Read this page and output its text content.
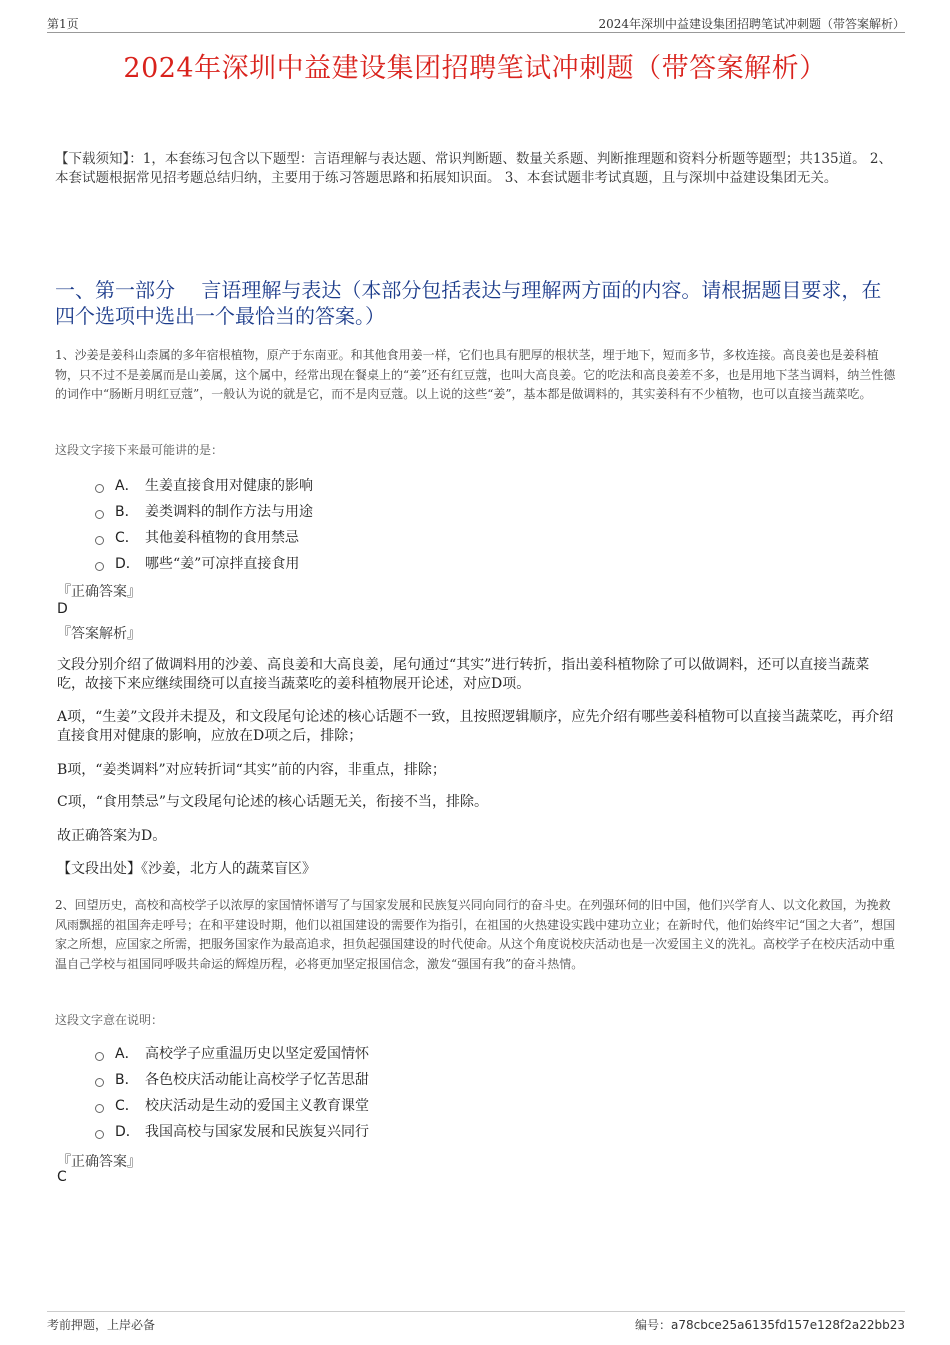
第1页	2024年深圳中益建设集团招聘笔试冲刺题（带答案解析）
2024年深圳中益建设集团招聘笔试冲刺题（带答案解析）
【下载须知】：1，本套练习包含以下题型：言语理解与表达题、常识判断题、数量关系题、判断推理题和资料分析题等题型；共135道。 2、本套试题根据常见招考题总结归纳，主要用于练习答题思路和拓展知识面。 3、本套试题非考试真题，且与深圳中益建设集团无关。
一、第一部分　 言语理解与表达（本部分包括表达与理解两方面的内容。请根据题目要求，在四个选项中选出一个最恰当的答案。）
1、沙姜是姜科山柰属的多年宿根植物，原产于东南亚。和其他食用姜一样，它们也具有肥厚的根状茎，埋于地下，短而多节，多枚连接。高良姜也是姜科植物，只不过不是姜属而是山姜属，这个属中，经常出现在餐桌上的“姜”还有红豆蔻，也叫大高良姜。它的吃法和高良姜差不多，也是用地下茎当调料，纳兰性德的词作中“肠断月明红豆蔻”，一般认为说的就是它，而不是肉豆蔻。以上说的这些“姜”，基本都是做调料的，其实姜科有不少植物，也可以直接当蔬菜吃。
这段文字接下来最可能讲的是：
A． 生姜直接食用对健康的影响
B． 姜类调料的制作方法与用途
C． 其他姜科植物的食用禁忌
D． 哪些“姜”可凉拌直接食用
『正确答案』
D
『答案解析』
文段分别介绍了做调料用的沙姜、高良姜和大高良姜，尾句通过“其实”进行转折，指出姜科植物除了可以做调料，还可以直接当蔬菜吃，故接下来应继续围绕可以直接当蔬菜吃的姜科植物展开论述，对应D项。
A项，“生姜”文段并未提及，和文段尾句论述的核心话题不一致，且按照逻辑顺序，应先介绍有哪些姜科植物可以直接当蔬菜吃，再介绍直接食用对健康的影响，应放在D项之后，排除；
B项，“姜类调料”对应转折词“其实”前的内容，非重点，排除；
C项，“食用禁忌”与文段尾句论述的核心话题无关，衔接不当，排除。
故正确答案为D。
【文段出处】《沙姜，北方人的蔬菜盲区》
2、回望历史，高校和高校学子以浓厚的家国情怀谱写了与国家发展和民族复兴同向同行的奋斗史。在列强环伺的旧中国，他们兴学育人、以文化救国，为挽救风雨飘摇的祖国奔走呼号；在和平建设时期，他们以祖国建设的需要作为指引，在祖国的火热建设实践中建功立业；在新时代，他们始终牢记“国之大者”，想国家之所想，应国家之所需，把服务国家作为最高追求，担负起强国建设的时代使命。从这个角度说校庆活动也是一次爱国主义的洗礼。高校学子在校庆活动中重温自己学校与祖国同呼吸共命运的辉煌历程，必将更加坚定报国信念，激发“强国有我”的奋斗热情。
这段文字意在说明：
A． 高校学子应重温历史以坚定爱国情怀
B． 各色校庆活动能让高校学子忆苦思甜
C． 校庆活动是生动的爱国主义教育课堂
D． 我国高校与国家发展和民族复兴同行
『正确答案』
C
考前押题，上岸必备	编号：a78cbce25a6135fd157e128f2a22bb23
